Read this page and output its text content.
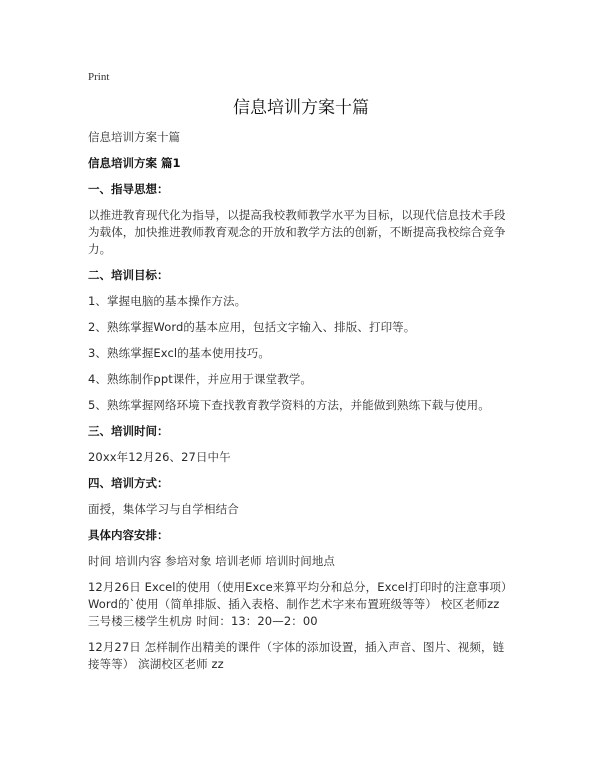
Print
信息培训方案十篇
信息培训方案十篇
信息培训方案 篇1
一、指导思想：
以推进教育现代化为指导，以提高我校教师教学水平为目标，以现代信息技术手段为载体，加快推进教师教育观念的开放和教学方法的创新，不断提高我校综合竞争力。
二、培训目标：
1、掌握电脑的基本操作方法。
2、熟练掌握Word的基本应用，包括文字输入、排版、打印等。
3、熟练掌握Excl的基本使用技巧。
4、熟练制作ppt课件，并应用于课堂教学。
5、熟练掌握网络环境下查找教育教学资料的方法，并能做到熟练下载与使用。
三、培训时间：
20xx年12月26、27日中午
四、培训方式：
面授，集体学习与自学相结合
具体内容安排：
时间 培训内容 参培对象 培训老师 培训时间地点
12月26日 Excel的使用（使用Exce来算平均分和总分，Excel打印时的注意事项）Word的`使用（简单排版、插入表格、制作艺术字来布置班级等等） 校区老师zz 三号楼三楼学生机房 时间：13：20—2：00
12月27日 怎样制作出精美的课件（字体的添加设置，插入声音、图片、视频，链接等等） 滨湖校区老师 zz
